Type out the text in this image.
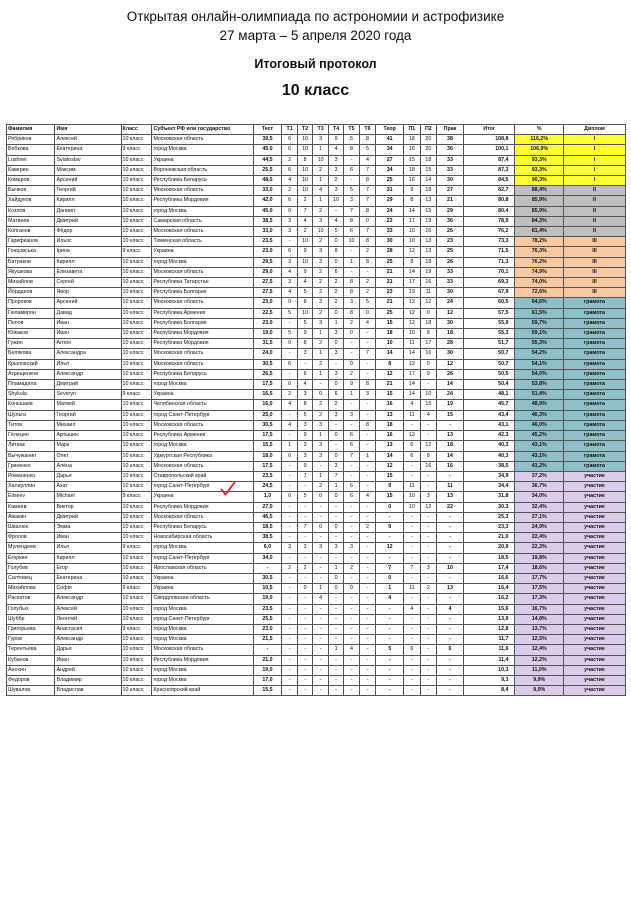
Открытая онлайн-олимпиада по астрономии и астрофизике
27 марта – 5 апреля 2020 года
Итоговый протокол
10 класс
Фамилия	Имя	Класс	Субъект РФ или государство	Тест	Т1	Т2	Т3	Т4	Т5	Т6	Теор	П1	П2	Прак	Итог	%	Диплом
Ребриков	Алексей	10 класс	Московская область	39,5	6	10	3	9	5	8	41	18	20	38	108,8	116,2%	I
Бобкова	Екатерина	9 класс	город Москва	45,0	6	10	1	4	8	5	34	16	20	36	100,1	106,9%	I
Lushnei	Sviatoslav	10 класс	Украина	44,5	2	8	10	3	-	4	27	15	18	33	87,4	93,3%	I
Каверин	Максим	10 класс	Воронежская область	25,5	6	10	2	3	6	7	34	18	15	33	87,3	93,3%	I
Комаров	Арсений	10 класс	Республика Беларусь	48,5	4	10	1	2	-	8	25	16	14	30	84,5	90,3%	I
Бычков	Георгий	10 класс	Московская область	33,0	2	10	4	3	5	7	31	9	18	27	82,7	88,4%	II
Хайдуков	Кирилл	10 класс	Республика Мордовия	42,0	6	2	1	10	3	7	29	8	13	21	80,8	85,9%	II
Козлов	Даниил	10 класс	город Москва	45,0	0	7	2	-	7	8	24	14	15	29	80,4	85,9%	II
Матвеев	Дмитрий	10 класс	Самарская область	38,5	3	4	3	4	8	0	22	17	19	36	78,9	84,3%	II
Колганов	Фёдор	10 класс	Московская область	33,0	3	2	10	5	6	7	33	10	16	26	76,2	81,4%	II
Гарифканов	Ильяс	10 класс	Тюменская область	23,5	-	10	2	0	10	8	30	10	13	23	73,3	78,2%	III
Гонцовська	Ірина	9 класс	Украина	23,0	6	9	3	8	-	2	28	12	13	25	71,5	76,3%	III
Батраков	Кирилл	10 класс	город Москва	29,5	3	10	3	0	1	8	25	8	18	26	71,3	76,2%	III
Якушкова	Елизавета	10 класс	Московская область	29,0	4	9	2	6	-	-	21	14	19	33	70,1	74,9%	III
Михайлов	Сергей	10 класс	Республика Татарстан	27,5	3	4	2	2	8	2	21	17	16	33	69,3	74,0%	III
Йорданов	Явор	10 класс	Республика Болгария	27,5	4	5	2	2	8	2	23	19	11	30	67,9	72,6%	III
Пророков	Арсений	10 класс	Московская область	23,0	0	8	3	2	3	5	21	12	12	24	60,5	64,6%	грамота
Гюламирян	Давид	10 класс	Республика Армения	22,5	5	10	2	0	8	0	25	12	0	12	57,5	61,5%	грамота
Попов	Иван	10 класс	Республика Болгария	23,0	-	5	3	1	2	4	15	12	18	30	55,9	59,7%	грамота
Южаков	Иван	10 класс	Республика Мордовия	19,0	5	9	1	3	0	-	18	10	8	18	55,3	59,1%	грамота
Гужин	Антон	10 класс	Республика Мордовия	31,5	0	8	2	0	-	-	10	11	17	28	51,7	55,3%	грамота
Белякова	Александра	10 класс	Московская область	24,0	-	3	1	3	-	7	14	14	16	30	50,7	54,2%	грамота
Крыловский	Илья	10 класс	Московская область	30,5	6	-	2	-	0	-	8	12	0	12	50,7	54,1%	грамота
Атрещенков	Александр	10 класс	Республика Беларусь	26,5	-	6	1	3	2	-	12	17	9	26	50,5	54,0%	грамота
Пламадяла	Дмитрий	10 класс	город Москва	17,5	0	4	-	0	9	8	21	14	-	14	50,4	53,8%	грамота
Shykula	Severyn	9 класс	Украина	16,5	2	3	0	6	1	3	15	14	10	24	48,1	51,4%	грамота
Коньшаев	Матвей	10 класс	Челябинская область	16,0	4	8	2	2	-	-	16	4	15	19	45,7	48,9%	грамота
Шульга	Георгий	10 класс	город Санкт-Петербург	25,0	-	5	2	3	3	-	13	11	4	15	43,4	46,3%	грамота
Титов	Михаил	10 класс	Московская область	30,5	4	3	3	-	-	8	18	-	-	-	43,1	46,0%	грамота
Гёлецян	Артышес	10 класс	Республика Армения	17,5	-	9	1	0	6	-	16	13	-	13	42,3	45,2%	грамота
Литвак	Марк	10 класс	город Москва	15,5	1	3	3	-	6	-	13	6	12	18	40,3	43,1%	грамота
Вычужанин	Олег	10 класс	Удмуртская Республика	18,0	0	3	3	0	7	1	14	6	8	14	40,3	43,1%	грамота
Гриненко	Алёна	10 класс	Московская область	17,5	-	9	-	3	-	-	12	-	16	16	38,5	41,2%	грамота
Романенко	Дарья	10 класс	Ставропольский край	23,5	-	7	1	7	-	-	15	-	-	-	34,9	37,2%	участие
Халиуллин	Азат	10 класс	город Санкт-Петербург	24,5	-	-	2	1	6	-	9	11	-	11	34,4	36,7%	участие
Eliseev	Michael	9 класс	Украина	1,0	0	5	0	0	6	4	15	10	3	13	31,8	34,0%	участие
Камаев	Виктор	10 класс	Республика Мордовия	27,0	-	-	-	-	-	-	0	10	12	22	30,3	32,4%	участие
Ажакин	Дмитрий	10 класс	Московская область	46,5	-	-	-	-	-	-	-	-	-	-	25,3	27,1%	участие
Швалюк	Эмма	10 класс	Республика Беларусь	18,5	-	7	0	0	-	2	9	-	-	-	23,3	24,9%	участие
Фролов	Иван	10 класс	Новосибирская область	38,5	-	-	-	-	-	-	-	-	-	-	21,0	22,4%	участие
Мулендеев	Илья	9 класс	город Москва	6,0	3	3	3	3	3	-	12	-	-	-	20,9	22,3%	участие
Егоркин	Кирилл	10 класс	город Санкт-Петербург	34,0	-	-	-	-	-	-	-	-	-	-	18,5	19,8%	участие
Голубев	Егор	10 класс	Ярославская область	-	2	2	-	1	2	-	7	7	3	10	17,4	18,6%	участие
Салтовец	Екатерина	10 класс	Украина	30,5	-	-	-	0	-	-	0	-	-	-	16,6	17,7%	участие
Михайлова	Софія	9 класс	Украина	10,5	-	0	1	0	0	-	1	11	2	13	16,4	17,5%	участие
Раскатов	Александр	10 класс	Свердловская область	19,0	-	-	4	-	-	-	4	-	-	-	16,2	17,3%	участие
Голубых	Алексей	10 класс	город Москва	23,5	-	-	-	-	-	-	-	4	-	4	15,6	16,7%	участие
Шуббе	Леонтий	10 класс	город Санкт-Петербург	25,5	-	-	-	-	-	-	-	-	-	-	13,9	14,8%	участие
Григорьева	Анастасия	9 класс	город Москва	23,0	-	-	-	-	-	-	-	-	-	-	12,8	13,7%	участие
Гуров	Александр	10 класс	город Москва	21,5	-	-	-	-	-	-	-	-	-	-	11,7	12,5%	участие
Терентьева	Дарья	10 класс	Московская область	-	-	-	-	1	4	-	5	6	-	6	11,6	12,4%	участие
Кубанов	Иван	10 класс	Республика Мордовия	21,0	-	-	-	-	-	-	-	-	-	-	11,4	12,2%	участие
Анохин	Андрей	10 класс	город Москва	19,0	-	-	-	-	-	-	-	-	-	-	10,3	11,0%	участие
Федоров	Владимир	10 класс	город Москва	17,0	-	-	-	-	-	-	-	-	-	-	9,3	9,9%	участие
Шувалов	Владислав	10 класс	Красноярский край	15,5	-	-	-	-	-	-	-	-	-	-	8,4	9,0%	участие
